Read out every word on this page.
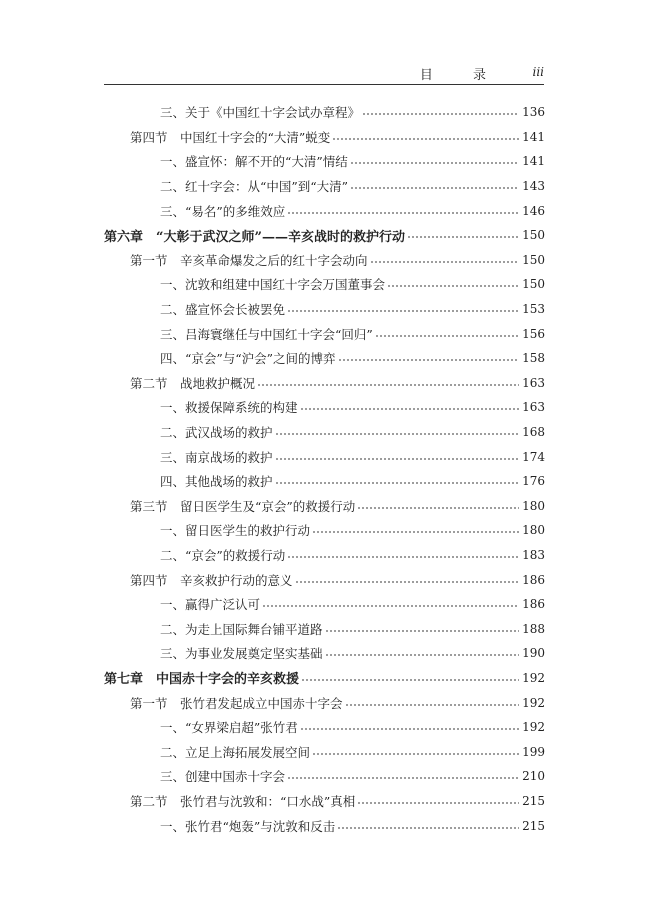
目 录 iii
三、关于《中国红十字会试办章程》	136
第四节　中国红十字会的“大清”蜕变	141
一、盛宣怀：解不开的“大清”情结	141
二、红十字会：从“中国”到“大清”	143
三、“易名”的多维效应	146
第六章　“大彰于武汉之师”——辛亥战时的救护行动	150
第一节　辛亥革命爆发之后的红十字会动向	150
一、沈敦和组建中国红十字会万国董事会	150
二、盛宣怀会长被罢免	153
三、吕海寰继任与中国红十字会“回归”	156
四、“京会”与“沪会”之间的博弈	158
第二节　战地救护概况	163
一、救援保障系统的构建	163
二、武汉战场的救护	168
三、南京战场的救护	174
四、其他战场的救护	176
第三节　留日医学生及“京会”的救援行动	180
一、留日医学生的救护行动	180
二、“京会”的救援行动	183
第四节　辛亥救护行动的意义	186
一、赢得广泛认可	186
二、为走上国际舞台铺平道路	188
三、为事业发展奠定坚实基础	190
第七章　中国赤十字会的辛亥救援	192
第一节　张竹君发起成立中国赤十字会	192
一、“女界梁启超”张竹君	192
二、立足上海拓展发展空间	199
三、创建中国赤十字会	210
第二节　张竹君与沈敦和：“口水战”真相	215
一、张竹君“炮轰”与沈敦和反击	215
